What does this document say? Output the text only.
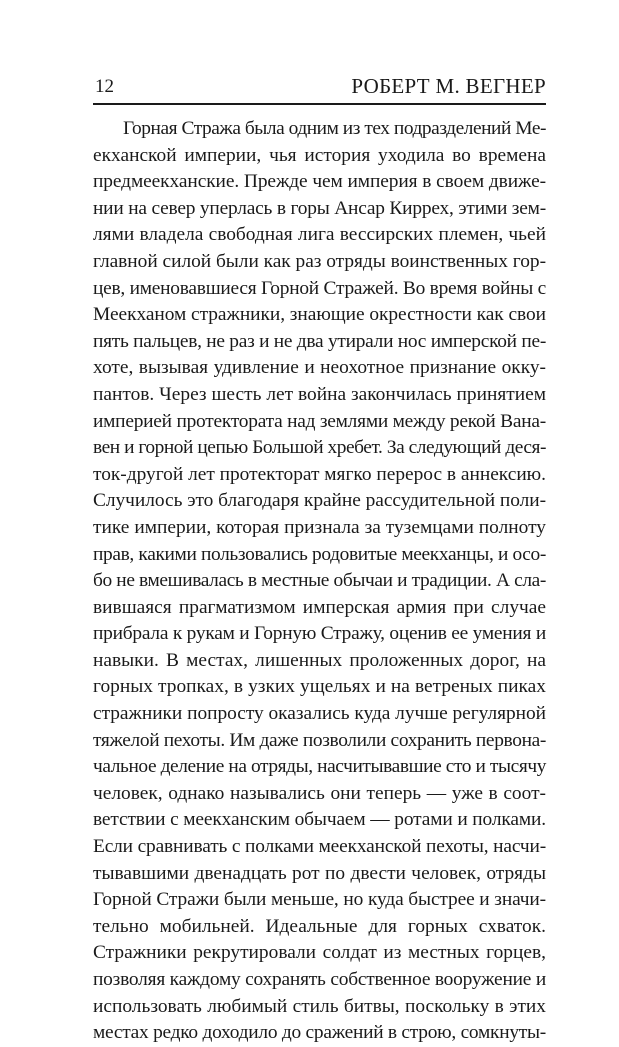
12	РОБЕРТ М. ВЕГНЕР
Горная Стража была одним из тех подразделений Ме-
екханской империи, чья история уходила во времена
предмеекханские. Прежде чем империя в своем движе-
нии на север уперлась в горы Ансар Киррех, этими зем-
лями владела свободная лига вессирских племен, чьей
главной силой были как раз отряды воинственных гор-
цев, именовавшиеся Горной Стражей. Во время войны с
Меекханом стражники, знающие окрестности как свои
пять пальцев, не раз и не два утирали нос имперской пе-
хоте, вызывая удивление и неохотное признание окку-
пантов. Через шесть лет война закончилась принятием
империей протектората над землями между рекой Вана-
вен и горной цепью Большой хребет. За следующий деся-
ток-другой лет протекторат мягко перерос в аннексию.
Случилось это благодаря крайне рассудительной поли-
тике империи, которая признала за туземцами полноту
прав, какими пользовались родовитые меекханцы, и осо-
бо не вмешивалась в местные обычаи и традиции. А сла-
вившаяся прагматизмом имперская армия при случае
прибрала к рукам и Горную Стражу, оценив ее умения и
навыки. В местах, лишенных проложенных дорог, на
горных тропках, в узких ущельях и на ветреных пиках
стражники попросту оказались куда лучше регулярной
тяжелой пехоты. Им даже позволили сохранить первона-
чальное деление на отряды, насчитывавшие сто и тысячу
человек, однако назывались они теперь — уже в соот-
ветствии с меекханским обычаем — ротами и полками.
Если сравнивать с полками меекханской пехоты, насчи-
тывавшими двенадцать рот по двести человек, отряды
Горной Стражи были меньше, но куда быстрее и значи-
тельно мобильней. Идеальные для горных схваток.
Стражники рекрутировали солдат из местных горцев,
позволяя каждому сохранять собственное вооружение и
использовать любимый стиль битвы, поскольку в этих
местах редко доходило до сражений в строю, сомкнуты-
